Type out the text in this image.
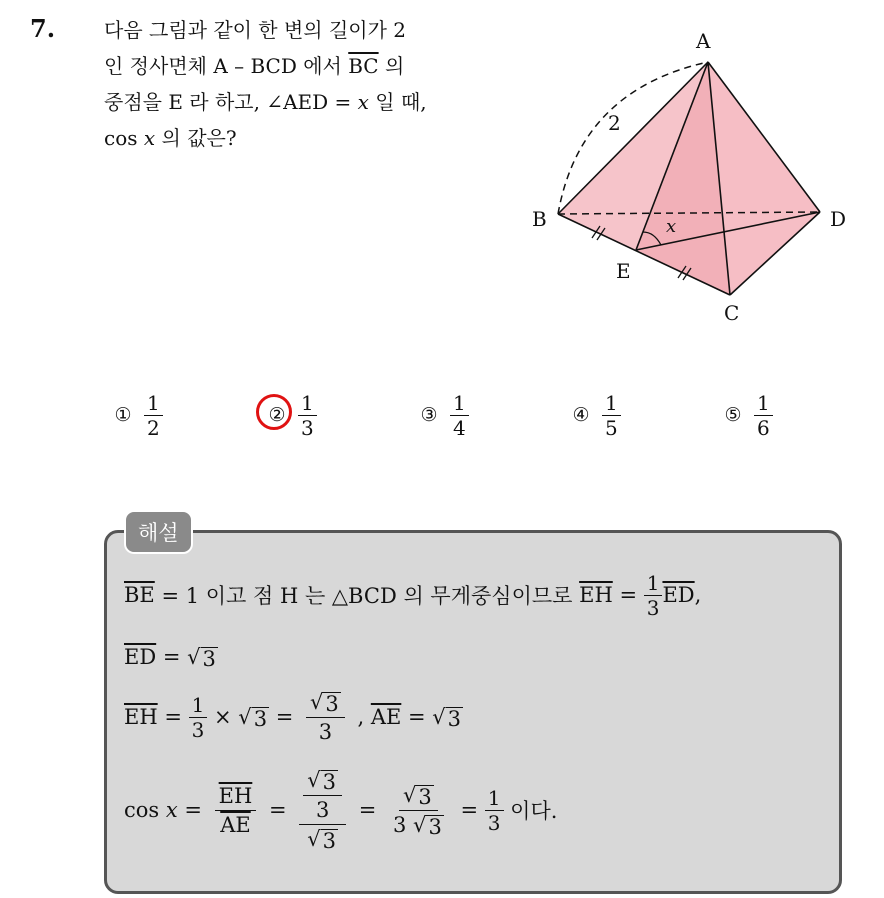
7. 다음 그림과 같이 한 변의 길이가 2
인 정사면체 A – BCD 에서 $\overline{BC}$ 의
중점을 E 라 하고, ∠AED = x 일 때,
cos x 의 값은?
A
B
C
D
E
2
x
① $\frac{1}{2}$	② $\frac{1}{3}$	③ $\frac{1}{4}$	④ $\frac{1}{5}$	⑤ $\frac{1}{6}$
해설
$\overline{BE} = 1$ 이고 점 H 는 △BCD 의 무게중심이므로 $\overline{EH} = \frac{1}{3} \overline{ED}$ ,
$\overline{ED}$ = √ 3
$\overline{EH} = \frac{1}{3}$ × √ $3 = \frac{√ 3}{3}$ , $\overline{AE}$ = √ 3
$\cos x = \frac{\overline{EH}}{AE} = \frac{\frac{√ 3}{3}}{√ 3}$ = √ 3
3
√ $3 = \frac{1}{3}$ 이다.
